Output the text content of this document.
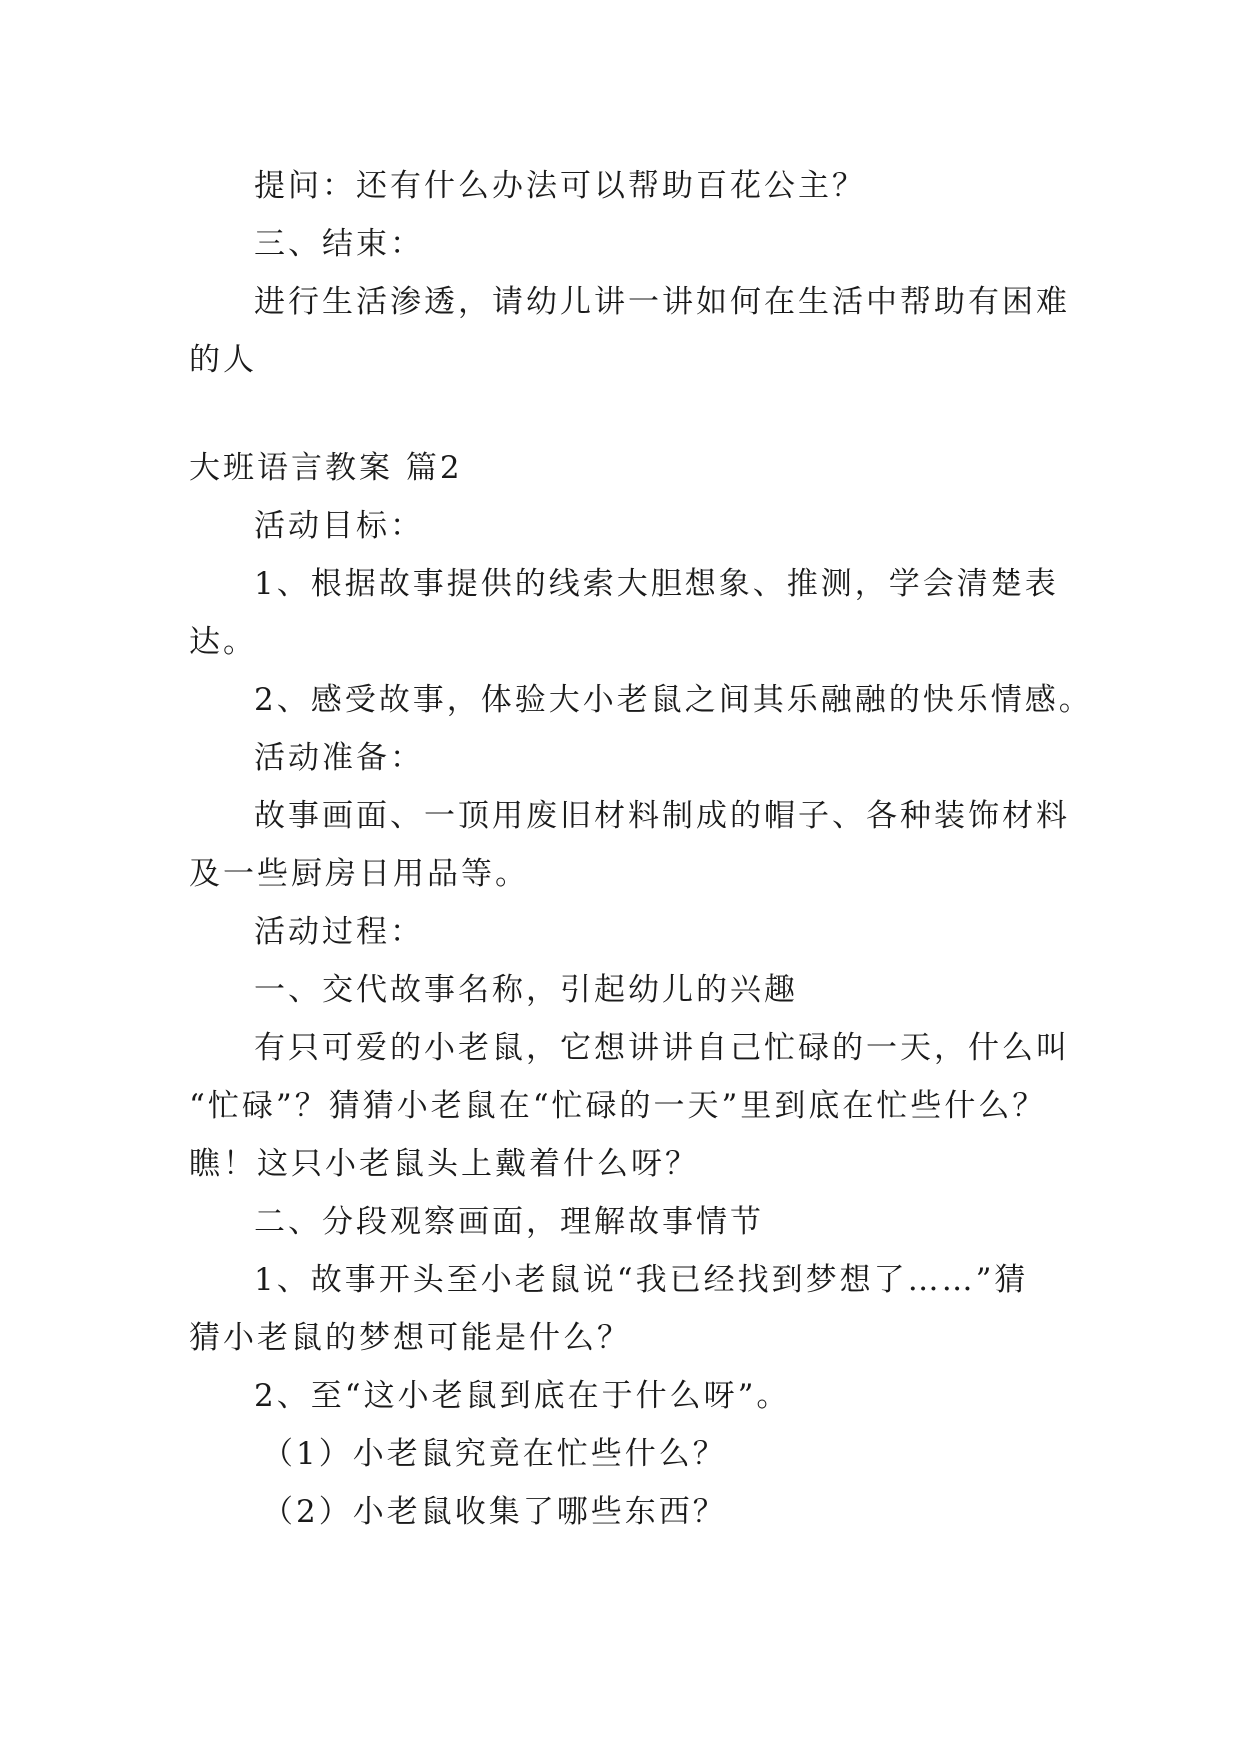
提问：还有什么办法可以帮助百花公主？
三、结束：
进行生活渗透，请幼儿讲一讲如何在生活中帮助有困难
的人
大班语言教案 篇2
活动目标：
1、根据故事提供的线索大胆想象、推测，学会清楚表
达。
2、感受故事，体验大小老鼠之间其乐融融的快乐情感。
活动准备：
故事画面、一顶用废旧材料制成的帽子、各种装饰材料
及一些厨房日用品等。
活动过程：
一、交代故事名称，引起幼儿的兴趣
有只可爱的小老鼠，它想讲讲自己忙碌的一天，什么叫
“忙碌”？猜猜小老鼠在“忙碌的一天”里到底在忙些什么？
瞧！这只小老鼠头上戴着什么呀？
二、分段观察画面，理解故事情节
1、故事开头至小老鼠说“我已经找到梦想了……”猜
猜小老鼠的梦想可能是什么？
2、至“这小老鼠到底在于什么呀”。
（1）小老鼠究竟在忙些什么？
（2）小老鼠收集了哪些东西？
